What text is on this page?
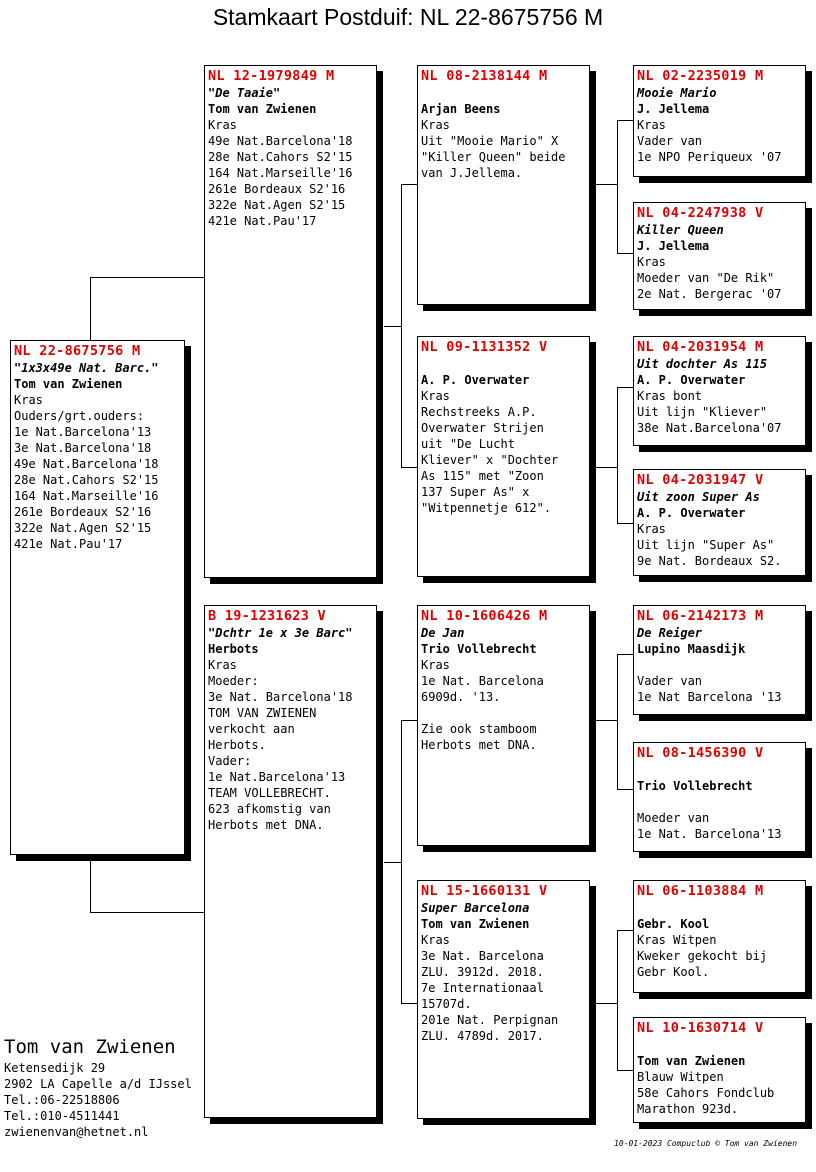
Stamkaart Postduif: NL 22-8675756 M
NL 22-8675756 M
"1x3x49e Nat. Barc."
Tom van Zwienen
Kras
Ouders/grt.ouders:
1e Nat.Barcelona'13
3e Nat.Barcelona'18
49e Nat.Barcelona'18
28e Nat.Cahors S2'15
164 Nat.Marseille'16
261e Bordeaux S2'16
322e Nat.Agen S2'15
421e Nat.Pau'17
NL 12-1979849 M
"De Taaie"
Tom van Zwienen
Kras
49e Nat.Barcelona'18
28e Nat.Cahors S2'15
164 Nat.Marseille'16
261e Bordeaux S2'16
322e Nat.Agen S2'15
421e Nat.Pau'17
B 19-1231623 V
"Dchtr 1e x 3e Barc"
Herbots
Kras
Moeder:
3e Nat. Barcelona'18
TOM VAN ZWIENEN
verkocht aan
Herbots.
Vader:
1e Nat.Barcelona'13
TEAM VOLLEBRECHT.
623 afkomstig van
Herbots met DNA.
NL 08-2138144 M
Arjan Beens
Kras
Uit "Mooie Mario" X
"Killer Queen" beide
van J.Jellema.
NL 09-1131352 V
A. P. Overwater
Kras
Rechstreeks A.P.
Overwater Strijen
uit "De Lucht
Kliever" x "Dochter
As 115" met "Zoon
137 Super As" x
"Witpennetje 612".
NL 10-1606426 M
De Jan
Trio Vollebrecht
Kras
1e Nat. Barcelona
6909d. '13.
Zie ook stamboom
Herbots met DNA.
NL 15-1660131 V
Super Barcelona
Tom van Zwienen
Kras
3e Nat. Barcelona
ZLU. 3912d. 2018.
7e Internationaal
15707d.
201e Nat. Perpignan
ZLU. 4789d. 2017.
NL 02-2235019 M
Mooie Mario
J. Jellema
Kras
Vader van
1e NPO Periqueux '07
NL 04-2247938 V
Killer Queen
J. Jellema
Kras
Moeder van "De Rik"
2e Nat. Bergerac '07
NL 04-2031954 M
Uit dochter As 115
A. P. Overwater
Kras bont
Uit lijn "Kliever"
38e Nat.Barcelona'07
NL 04-2031947 V
Uit zoon Super As
A. P. Overwater
Kras
Uit lijn "Super As"
9e Nat. Bordeaux S2.
NL 06-2142173 M
De Reiger
Lupino Maasdijk
Vader van
1e Nat Barcelona '13
NL 08-1456390 V
Trio Vollebrecht
Moeder van
1e Nat. Barcelona'13
NL 06-1103884 M
Gebr. Kool
Kras Witpen
Kweker gekocht bij
Gebr Kool.
NL 10-1630714 V
Tom van Zwienen
Blauw Witpen
58e Cahors Fondclub
Marathon 923d.
Tom van Zwienen
Ketensedijk 29
2902 LA Capelle a/d IJssel
Tel.:06-22518806
Tel.:010-4511441
zwienenvan@hetnet.nl
10-01-2023 Compuclub © Tom van Zwienen
